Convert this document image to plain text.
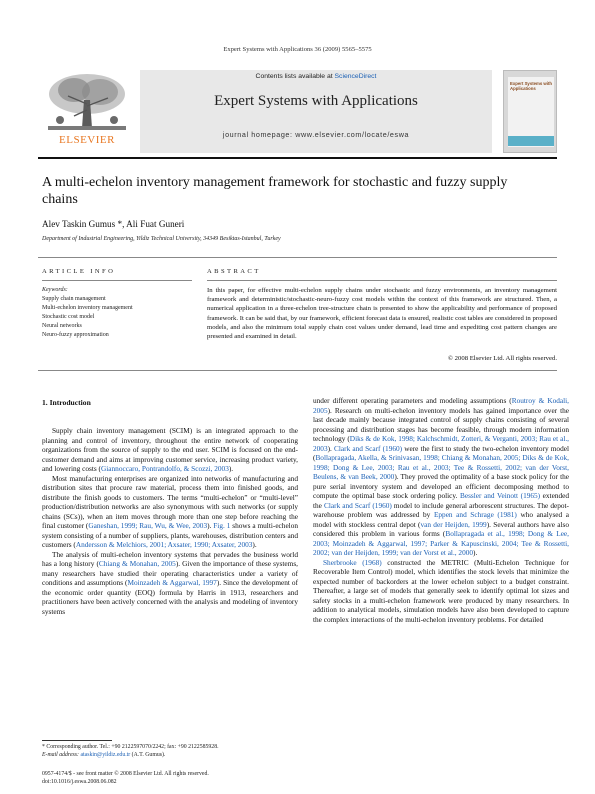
Expert Systems with Applications 36 (2009) 5565–5575
ELSEVIER
Contents lists available at ScienceDirect
Expert Systems with Applications
journal homepage: www.elsevier.com/locate/eswa
Expert Systems with Applications
A multi-echelon inventory management framework for stochastic and fuzzy supply chains
Alev Taskin Gumus *, Ali Fuat Guneri
Department of Industrial Engineering, Yildiz Technical University, 34349 Besiktas-Istanbul, Turkey
ARTICLE INFO	ABSTRACT
Keywords:
Supply chain management
Multi-echelon inventory management
Stochastic cost model
Neural networks
Neuro-fuzzy approximation
In this paper, for effective multi-echelon supply chains under stochastic and fuzzy environments, an inventory management framework and deterministic/stochastic-neuro-fuzzy cost models within the context of this framework are structured. Then, a numerical application in a three-echelon tree-structure chain is presented to show the applicability and performance of proposed framework. It can be said that, by our framework, efficient forecast data is ensured, realistic cost tables are considered in proposed models, and also the minimum total supply chain cost values under demand, lead time and expediting cost pattern changes are presented and examined in detail.
© 2008 Elsevier Ltd. All rights reserved.
1. Introduction

Supply chain inventory management (SCIM) is an integrated approach to the planning and control of inventory, throughout the entire network of cooperating organizations from the source of supply to the end user. SCIM is focused on the end-customer demand and aims at improving customer service, increasing product variety, and lowering costs (Giannoccaro, Pontrandolfo, & Scozzi, 2003).

Most manufacturing enterprises are organized into networks of manufacturing and distribution sites that procure raw material, process them into finished goods, and distribute the finish goods to customers. The terms “multi-echelon” or “multi-level” production/distribution networks are also synonymous with such networks (or supply chains (SCs)), when an item moves through more than one step before reaching the final customer (Ganeshan, 1999; Rau, Wu, & Wee, 2003). Fig. 1 shows a multi-echelon system consisting of a number of suppliers, plants, warehouses, distribution centers and customers (Andersson & Melchiors, 2001; Axsater, 1990; Axsater, 2003).

The analysis of multi-echelon inventory systems that pervades the business world has a long history (Chiang & Monahan, 2005). Given the importance of these systems, many researchers have studied their operating characteristics under a variety of conditions and assumptions (Moinzadeh & Aggarwal, 1997). Since the development of the economic order quantity (EOQ) formula by Harris in 1913, researchers and practitioners have been actively concerned with the analysis and modeling of inventory systems

under different operating parameters and modeling assumptions (Routroy & Kodali, 2005). Research on multi-echelon inventory models has gained importance over the last decade mainly because integrated control of supply chains consisting of several processing and distribution stages has become feasible, through modern information technology (Diks & de Kok, 1998; Kalchschmidt, Zotteri, & Verganti, 2003; Rau et al., 2003). Clark and Scarf (1960) were the first to study the two-echelon inventory model (Bollapragada, Akella, & Srinivasan, 1998; Chiang & Monahan, 2005; Diks & de Kok, 1998; Dong & Lee, 2003; Rau et al., 2003; Tee & Rossetti, 2002; van der Vorst, Beulens, & van Beek, 2000). They proved the optimality of a base stock policy for the pure serial inventory system and developed an efficient decomposing method to compute the optimal base stock ordering policy. Bessler and Veinott (1965) extended the Clark and Scarf (1960) model to include general arborescent structures. The depot-warehouse problem was addressed by Eppen and Schrage (1981) who analysed a model with stockless central depot (van der Heijden, 1999). Several authors have also considered this problem in various forms (Bollapragada et al., 1998; Dong & Lee, 2003; Moinzadeh & Aggarwal, 1997; Parker & Kapuscinski, 2004; Tee & Rossetti, 2002; van der Heijden, 1999; van der Vorst et al., 2000).

Sherbrooke (1968) constructed the METRIC (Multi-Echelon Technique for Recoverable Item Control) model, which identifies the stock levels that minimize the expected number of backorders at the lower echelon subject to a budget constraint. Thereafter, a large set of models that generally seek to identify optimal lot sizes and safety stocks in a multi-echelon framework were produced by many researchers. In addition to analytical models, simulation models have also been developed to capture the complex interactions of the multi-echelon inventory problems. For detailed

* Corresponding author. Tel.: +90 2122597070/2242; fax: +90 2122585928.
E-mail address: ataskin@yildiz.edu.tr (A.T. Gumus).
0957-4174/$ - see front matter © 2008 Elsevier Ltd. All rights reserved.
doi:10.1016/j.eswa.2008.06.082
